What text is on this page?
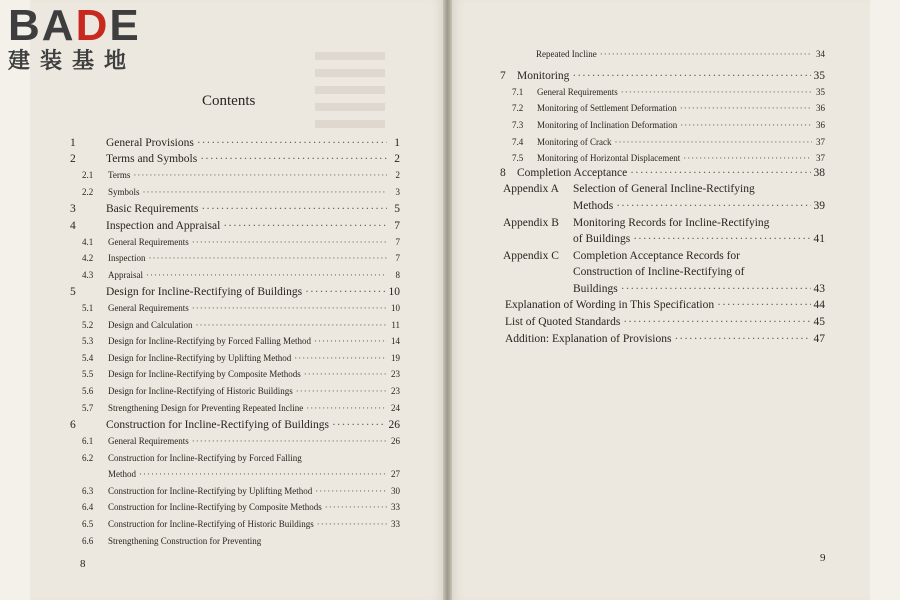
BADE
建装基地
Contents
1	General Provisions ·····	1
2	Terms and Symbols ·····	2
2.1	Terms ·····	2
2.2	Symbols ·····	3
3	Basic Requirements ·····	5
4	Inspection and Appraisal ·····	7
4.1	General Requirements ·····	7
4.2	Inspection ·····	7
4.3	Appraisal ·····	8
5	Design for Incline-Rectifying of Buildings ·····	10
5.1	General Requirements ·····	10
5.2	Design and Calculation ·····	11
5.3	Design for Incline-Rectifying by Forced Falling Method ·····	14
5.4	Design for Incline-Rectifying by Uplifting Method ·····	19
5.5	Design for Incline-Rectifying by Composite Methods ·····	23
5.6	Design for Incline-Rectifying of Historic Buildings ·····	23
5.7	Strengthening Design for Preventing Repeated Incline ·····	24
6	Construction for Incline-Rectifying of Buildings ·····	26
6.1	General Requirements ·····	26
6.2	Construction for Incline-Rectifying by Forced Falling
Method ·····	27
6.3	Construction for Incline-Rectifying by Uplifting Method ·····	30
6.4	Construction for Incline-Rectifying by Composite Methods ·····	33
6.5	Construction for Incline-Rectifying of Historic Buildings ·····	33
6.6	Strengthening Construction for Preventing
Repeated Incline ·····	34
7 Monitoring ·····	35
7.1	General Requirements ·····	35
7.2	Monitoring of Settlement Deformation ·····	36
7.3	Monitoring of Inclination Deformation ·····	36
7.4	Monitoring of Crack ·····	37
7.5	Monitoring of Horizontal Displacement ·····	37
8 Completion Acceptance ·····	38
Appendix A	Selection of General Incline-Rectifying
Methods ·····	39
Appendix B	Monitoring Records for Incline-Rectifying
of Buildings ·····	41
Appendix C	Completion Acceptance Records for
Construction of Incline-Rectifying of
Buildings ·····	43
Explanation of Wording in This Specification ·····	44
List of Quoted Standards ·····	45
Addition: Explanation of Provisions ·····	47
8	9
